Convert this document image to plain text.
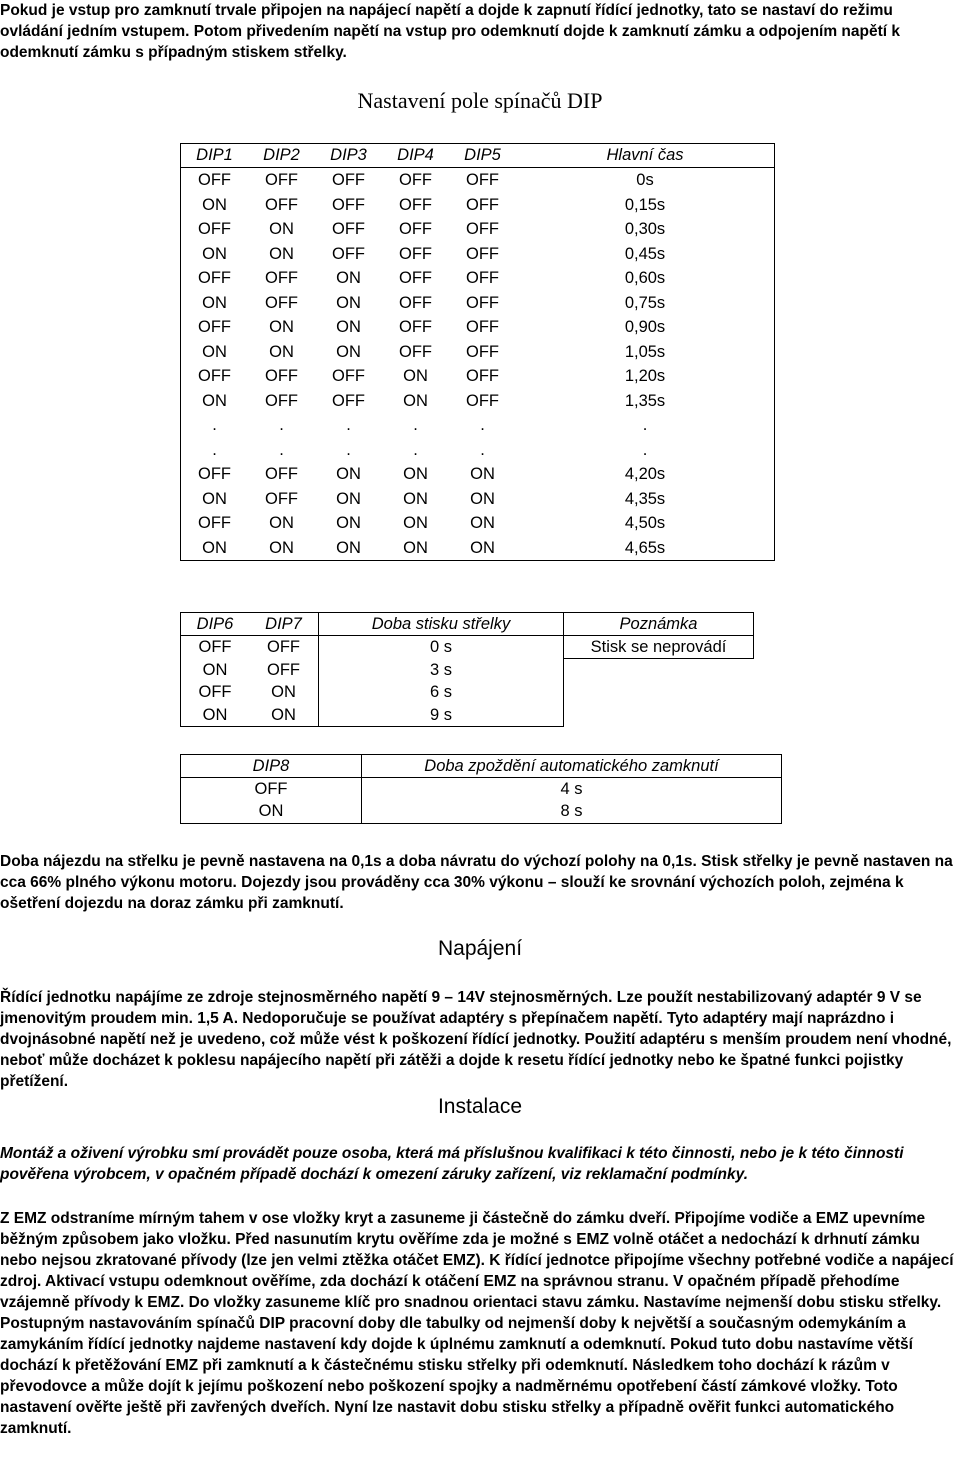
Pokud je vstup pro zamknutí trvale připojen na napájecí napětí a dojde k zapnutí řídící jednotky, tato se nastaví do režimu ovládání jedním vstupem. Potom přivedením napětí na vstup pro odemknutí dojde k zamknutí zámku a odpojením napětí k odemknutí zámku s případným stiskem střelky.

Nastavení pole spínačů DIP
DIP1	DIP2	DIP3	DIP4	DIP5	Hlavní čas
OFF	OFF	OFF	OFF	OFF	0s
ON	OFF	OFF	OFF	OFF	0,15s
OFF	ON	OFF	OFF	OFF	0,30s
ON	ON	OFF	OFF	OFF	0,45s
OFF	OFF	ON	OFF	OFF	0,60s
ON	OFF	ON	OFF	OFF	0,75s
OFF	ON	ON	OFF	OFF	0,90s
ON	ON	ON	OFF	OFF	1,05s
OFF	OFF	OFF	ON	OFF	1,20s
ON	OFF	OFF	ON	OFF	1,35s
.	.	.	.	.	.
.	.	.	.	.	.
OFF	OFF	ON	ON	ON	4,20s
ON	OFF	ON	ON	ON	4,35s
OFF	ON	ON	ON	ON	4,50s
ON	ON	ON	ON	ON	4,65s
DIP6	DIP7	Doba stisku střelky	Poznámka
OFF	OFF	0 s	Stisk se neprovádí
ON	OFF	3 s	
OFF	ON	6 s	
ON	ON	9 s	
DIP8	Doba zpoždění automatického zamknutí
OFF	4 s
ON	8 s

Doba nájezdu na střelku je pevně nastavena na 0,1s a doba návratu do výchozí polohy na 0,1s. Stisk střelky je pevně nastaven na cca 66% plného výkonu motoru. Dojezdy jsou prováděny cca 30% výkonu – slouží ke srovnání výchozích poloh, zejména k ošetření dojezdu na doraz zámku při zamknutí.

Napájení

Řídící jednotku napájíme ze zdroje stejnosměrného napětí 9 – 14V stejnosměrných. Lze použít nestabilizovaný adaptér 9 V se jmenovitým proudem min. 1,5 A. Nedoporučuje se používat adaptéry s přepínačem napětí. Tyto adaptéry mají naprázdno i dvojnásobné napětí než je uvedeno, což může vést k poškození řídící jednotky. Použití adaptéru s menším proudem není vhodné, neboť může docházet k poklesu napájecího napětí při zátěži a dojde k resetu řídící jednotky nebo ke špatné funkci pojistky přetížení.

Instalace

Montáž a oživení výrobku smí provádět pouze osoba, která má příslušnou kvalifikaci k této činnosti, nebo je k této činnosti pověřena výrobcem, v opačném případě dochází k omezení záruky zařízení, viz reklamační podmínky.

Z EMZ odstraníme mírným tahem v ose vložky kryt a zasuneme ji částečně do zámku dveří. Připojíme vodiče a EMZ upevníme běžným způsobem jako vložku. Před nasunutím krytu ověříme zda je možné s EMZ volně otáčet a nedochází k drhnutí zámku nebo nejsou zkratované přívody (lze jen velmi ztěžka otáčet EMZ). K řídící jednotce připojíme všechny potřebné vodiče a napájecí zdroj. Aktivací vstupu odemknout ověříme, zda dochází k otáčení EMZ na správnou stranu. V opačném případě přehodíme vzájemně přívody k EMZ. Do vložky zasuneme klíč pro snadnou orientaci stavu zámku. Nastavíme nejmenší dobu stisku střelky. Postupným nastavováním spínačů DIP pracovní doby dle tabulky od nejmenší doby k největší a současným odemykáním a zamykáním řídící jednotky najdeme nastavení kdy dojde k úplnému zamknutí a odemknutí. Pokud tuto dobu nastavíme větší dochází k přetěžování EMZ při zamknutí a k částečnému stisku střelky při odemknutí. Následkem toho dochází k rázům v převodovce a může dojít k jejímu poškození nebo poškození spojky a nadměrnému opotřebení částí zámkové vložky. Toto nastavení ověřte ještě při zavřených dveřích. Nyní lze nastavit dobu stisku střelky a případně ověřit funkci automatického zamknutí.
